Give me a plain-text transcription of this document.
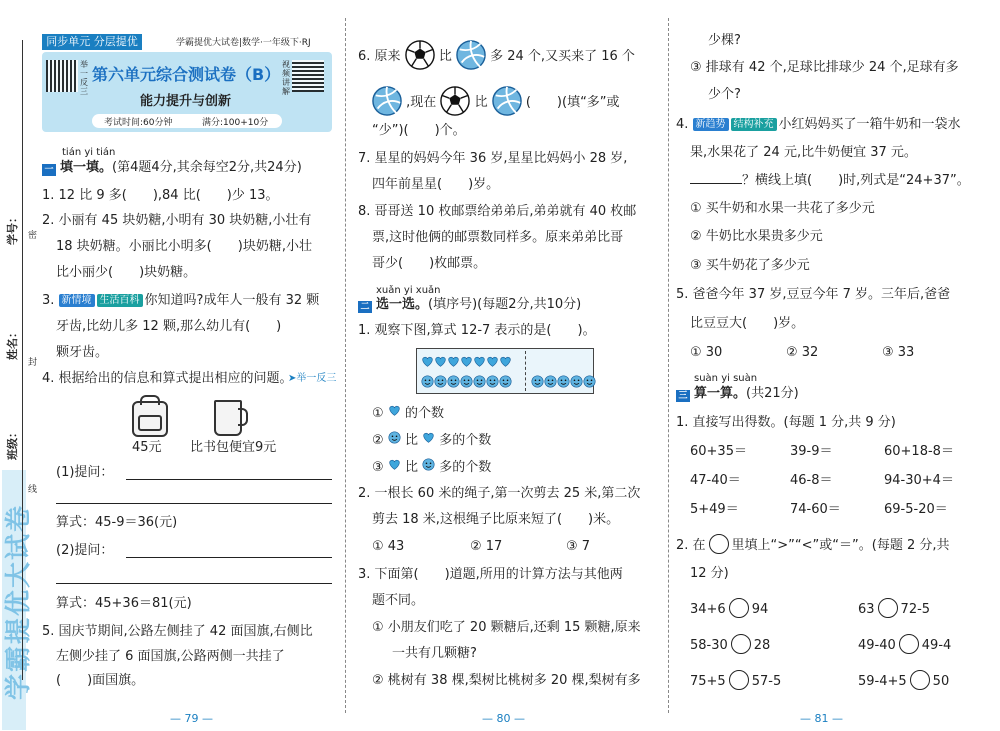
学霸提优大试卷
班级：
姓名：
学号： 密
封
线
同步单元 分层提优	学霸提优大试卷|数学·一年级下·RJ
举一反三
视频讲解
第六单元综合测试卷（B）
能力提升与创新
考试时间:60分钟	满分:100+10分
tián yi tián
一 填一填。(第4题4分,其余每空2分,共24分)
1. 12 比 9 多(　　),84 比(　　)少 13。
2. 小丽有 45 块奶糖,小明有 30 块奶糖,小壮有
18 块奶糖。小丽比小明多(　　)块奶糖,小壮
比小丽少(　　)块奶糖。
3. 新情境 生活百科 你知道吗?成年人一般有 32 颗
牙齿,比幼儿多 12 颗,那么幼儿有(　　)
颗牙齿。
4. 根据给出的信息和算式提出相应的问题。
➤举一反三
45元 比书包便宜9元
(1)提问：
算式：45-9＝36(元)
(2)提问：
算式：45+36＝81(元)
5. 国庆节期间,公路左侧挂了 42 面国旗,右侧比
左侧少挂了 6 面国旗,公路两侧一共挂了
(　　)面国旗。
— 79 —
6. 原来	比	多 24 个,又买来了 16 个
,现在	比	(　　)(填“多”或
“少”)(　　)个。
7. 星星的妈妈今年 36 岁,星星比妈妈小 28 岁,
四年前星星(　　)岁。
8. 哥哥送 10 枚邮票给弟弟后,弟弟就有 40 枚邮
票,这时他俩的邮票数同样多。原来弟弟比哥
哥少(　　)枚邮票。
xuǎn yi xuǎn
二 选一选。(填序号)(每题2分,共10分)
1. 观察下图,算式 12-7 表示的是(　　)。
① 的个数
② 比 多的个数
③ 比 多的个数
2. 一根长 60 米的绳子,第一次剪去 25 米,第二次
剪去 18 米,这根绳子比原来短了(　　)米。
① 43	② 17	③ 7
3. 下面第(　　)道题,所用的计算方法与其他两
题不同。
① 小朋友们吃了 20 颗糖后,还剩 15 颗糖,原来
一共有几颗糖?
② 桃树有 38 棵,梨树比桃树多 20 棵,梨树有多
— 80 —
少棵?
③ 排球有 42 个,足球比排球少 24 个,足球有多
少个?
4. 新趋势 结构补充 小红妈妈买了一箱牛奶和一袋水
果,水果花了 24 元,比牛奶便宜 37 元。
？横线上填(　　)时,列式是“24+37”。
① 买牛奶和水果一共花了多少元
② 牛奶比水果贵多少元
③ 买牛奶花了多少元
5. 爸爸今年 37 岁,豆豆今年 7 岁。三年后,爸爸
比豆豆大(　　)岁。
① 30	② 32	③ 33
suàn yi suàn
三 算一算。(共21分)
1. 直接写出得数。(每题 1 分,共 9 分)
60+35＝	39-9＝	60+18-8＝
47-40＝	46-8＝	94-30+4＝
5+49＝	74-60＝	69-5-20＝
2. 在 里填上“>”“<”或“＝”。(每题 2 分,共
12 分)
34+6 94	63 72-5
58-30 28	49-40 49-4
75+5 57-5	59-4+5 50
— 81 —
